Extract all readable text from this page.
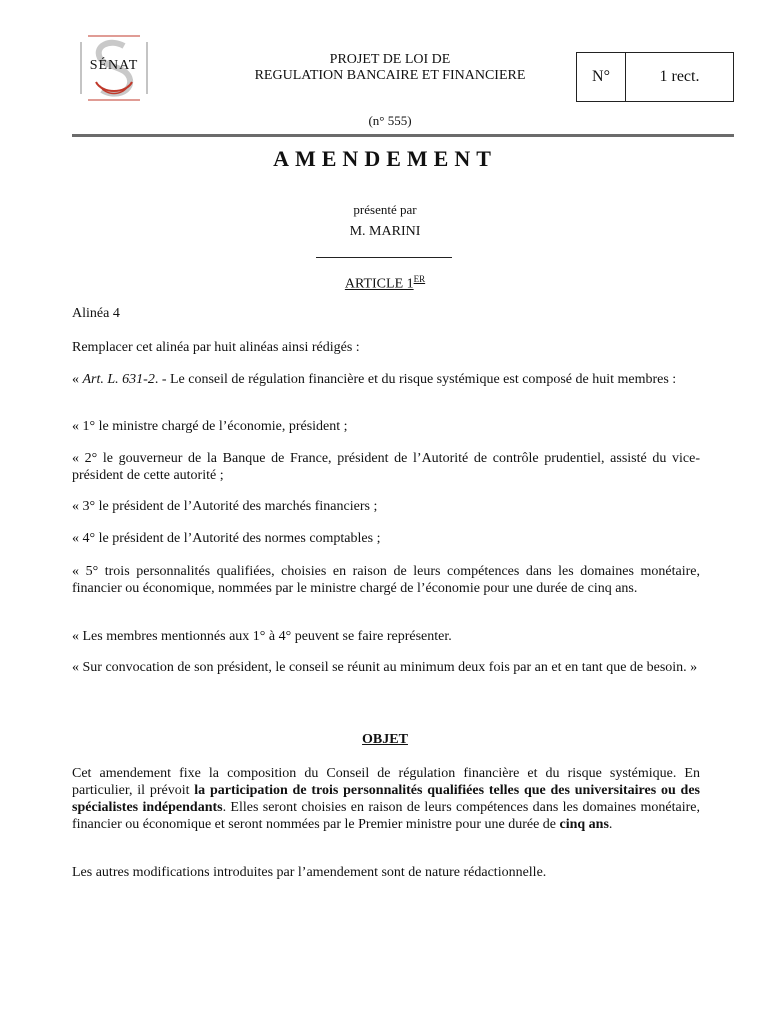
SÉNAT	PROJET DE LOI DE
REGULATION BANCAIRE ET FINANCIERE	N°	1 rect.
(n° 555)
AMENDEMENT
présenté par
M. MARINI
ARTICLE 1ER
Alinéa 4
Remplacer cet alinéa par huit alinéas ainsi rédigés :
« Art. L. 631-2. - Le conseil de régulation financière et du risque systémique est composé de huit membres :
« 1° le ministre chargé de l’économie, président ;
« 2° le gouverneur de la Banque de France, président de l’Autorité de contrôle prudentiel, assisté du vice-président de cette autorité ;
« 3° le président de l’Autorité des marchés financiers ;
« 4° le président de l’Autorité des normes comptables ;
« 5° trois personnalités qualifiées, choisies en raison de leurs compétences dans les domaines monétaire, financier ou économique, nommées par le ministre chargé de l’économie pour une durée de cinq ans.
« Les membres mentionnés aux 1° à 4° peuvent se faire représenter.
« Sur convocation de son président, le conseil se réunit au minimum deux fois par an et en tant que de besoin. »
OBJET
Cet amendement fixe la composition du Conseil de régulation financière et du risque systémique. En particulier, il prévoit la participation de trois personnalités qualifiées telles que des universitaires ou des spécialistes indépendants. Elles seront choisies en raison de leurs compétences dans les domaines monétaire, financier ou économique et seront nommées par le Premier ministre pour une durée de cinq ans.
Les autres modifications introduites par l’amendement sont de nature rédactionnelle.
